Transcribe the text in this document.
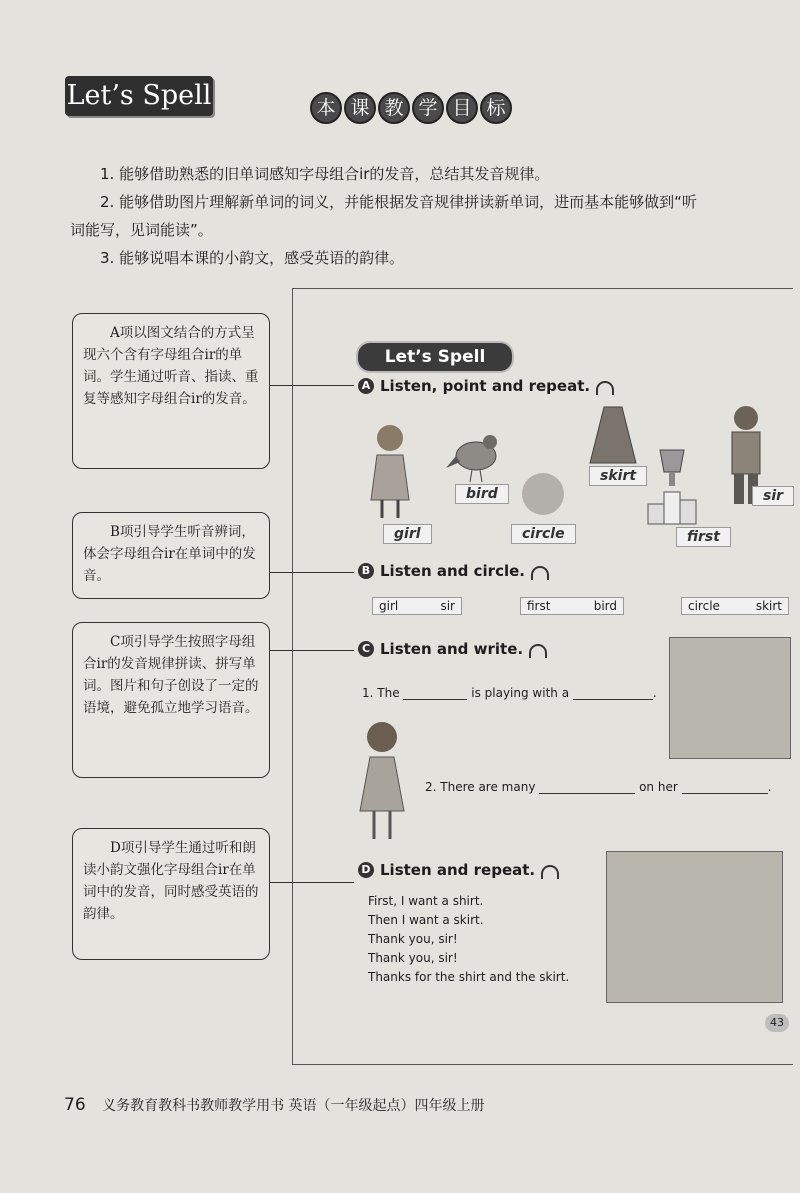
Let’s Spell	本 课 教 学 目 标

1. 能够借助熟悉的旧单词感知字母组合ir的发音，总结其发音规律。

2. 能够借助图片理解新单词的词义，并能根据发音规律拼读新单词，进而基本能够做到“听词能写，见词能读”。

3. 能够说唱本课的小韵文，感受英语的韵律。

Let’s Spell
A Listen, point and repeat.
girl
bird
circle
skirt
first
sir
B Listen and circle.
girl	sir	first	bird	circle	skirt
C Listen and write.
1. The	is playing with a	.
2. There are many	on her	.
D Listen and repeat.
First, I want a shirt.
Then I want a skirt.
Thank you, sir!
Thank you, sir!
Thanks for the shirt and the skirt.
43

A项以图文结合的方式呈现六个含有字母组合ir的单词。学生通过听音、指读、重复等感知字母组合ir的发音。

B项引导学生听音辨词，体会字母组合ir在单词中的发音。

C项引导学生按照字母组合ir的发音规律拼读、拼写单词。图片和句子创设了一定的语境，避免孤立地学习语音。

D项引导学生通过听和朗读小韵文强化字母组合ir在单词中的发音，同时感受英语的韵律。

76 义务教育教科书教师教学用书 英语（一年级起点）四年级上册
